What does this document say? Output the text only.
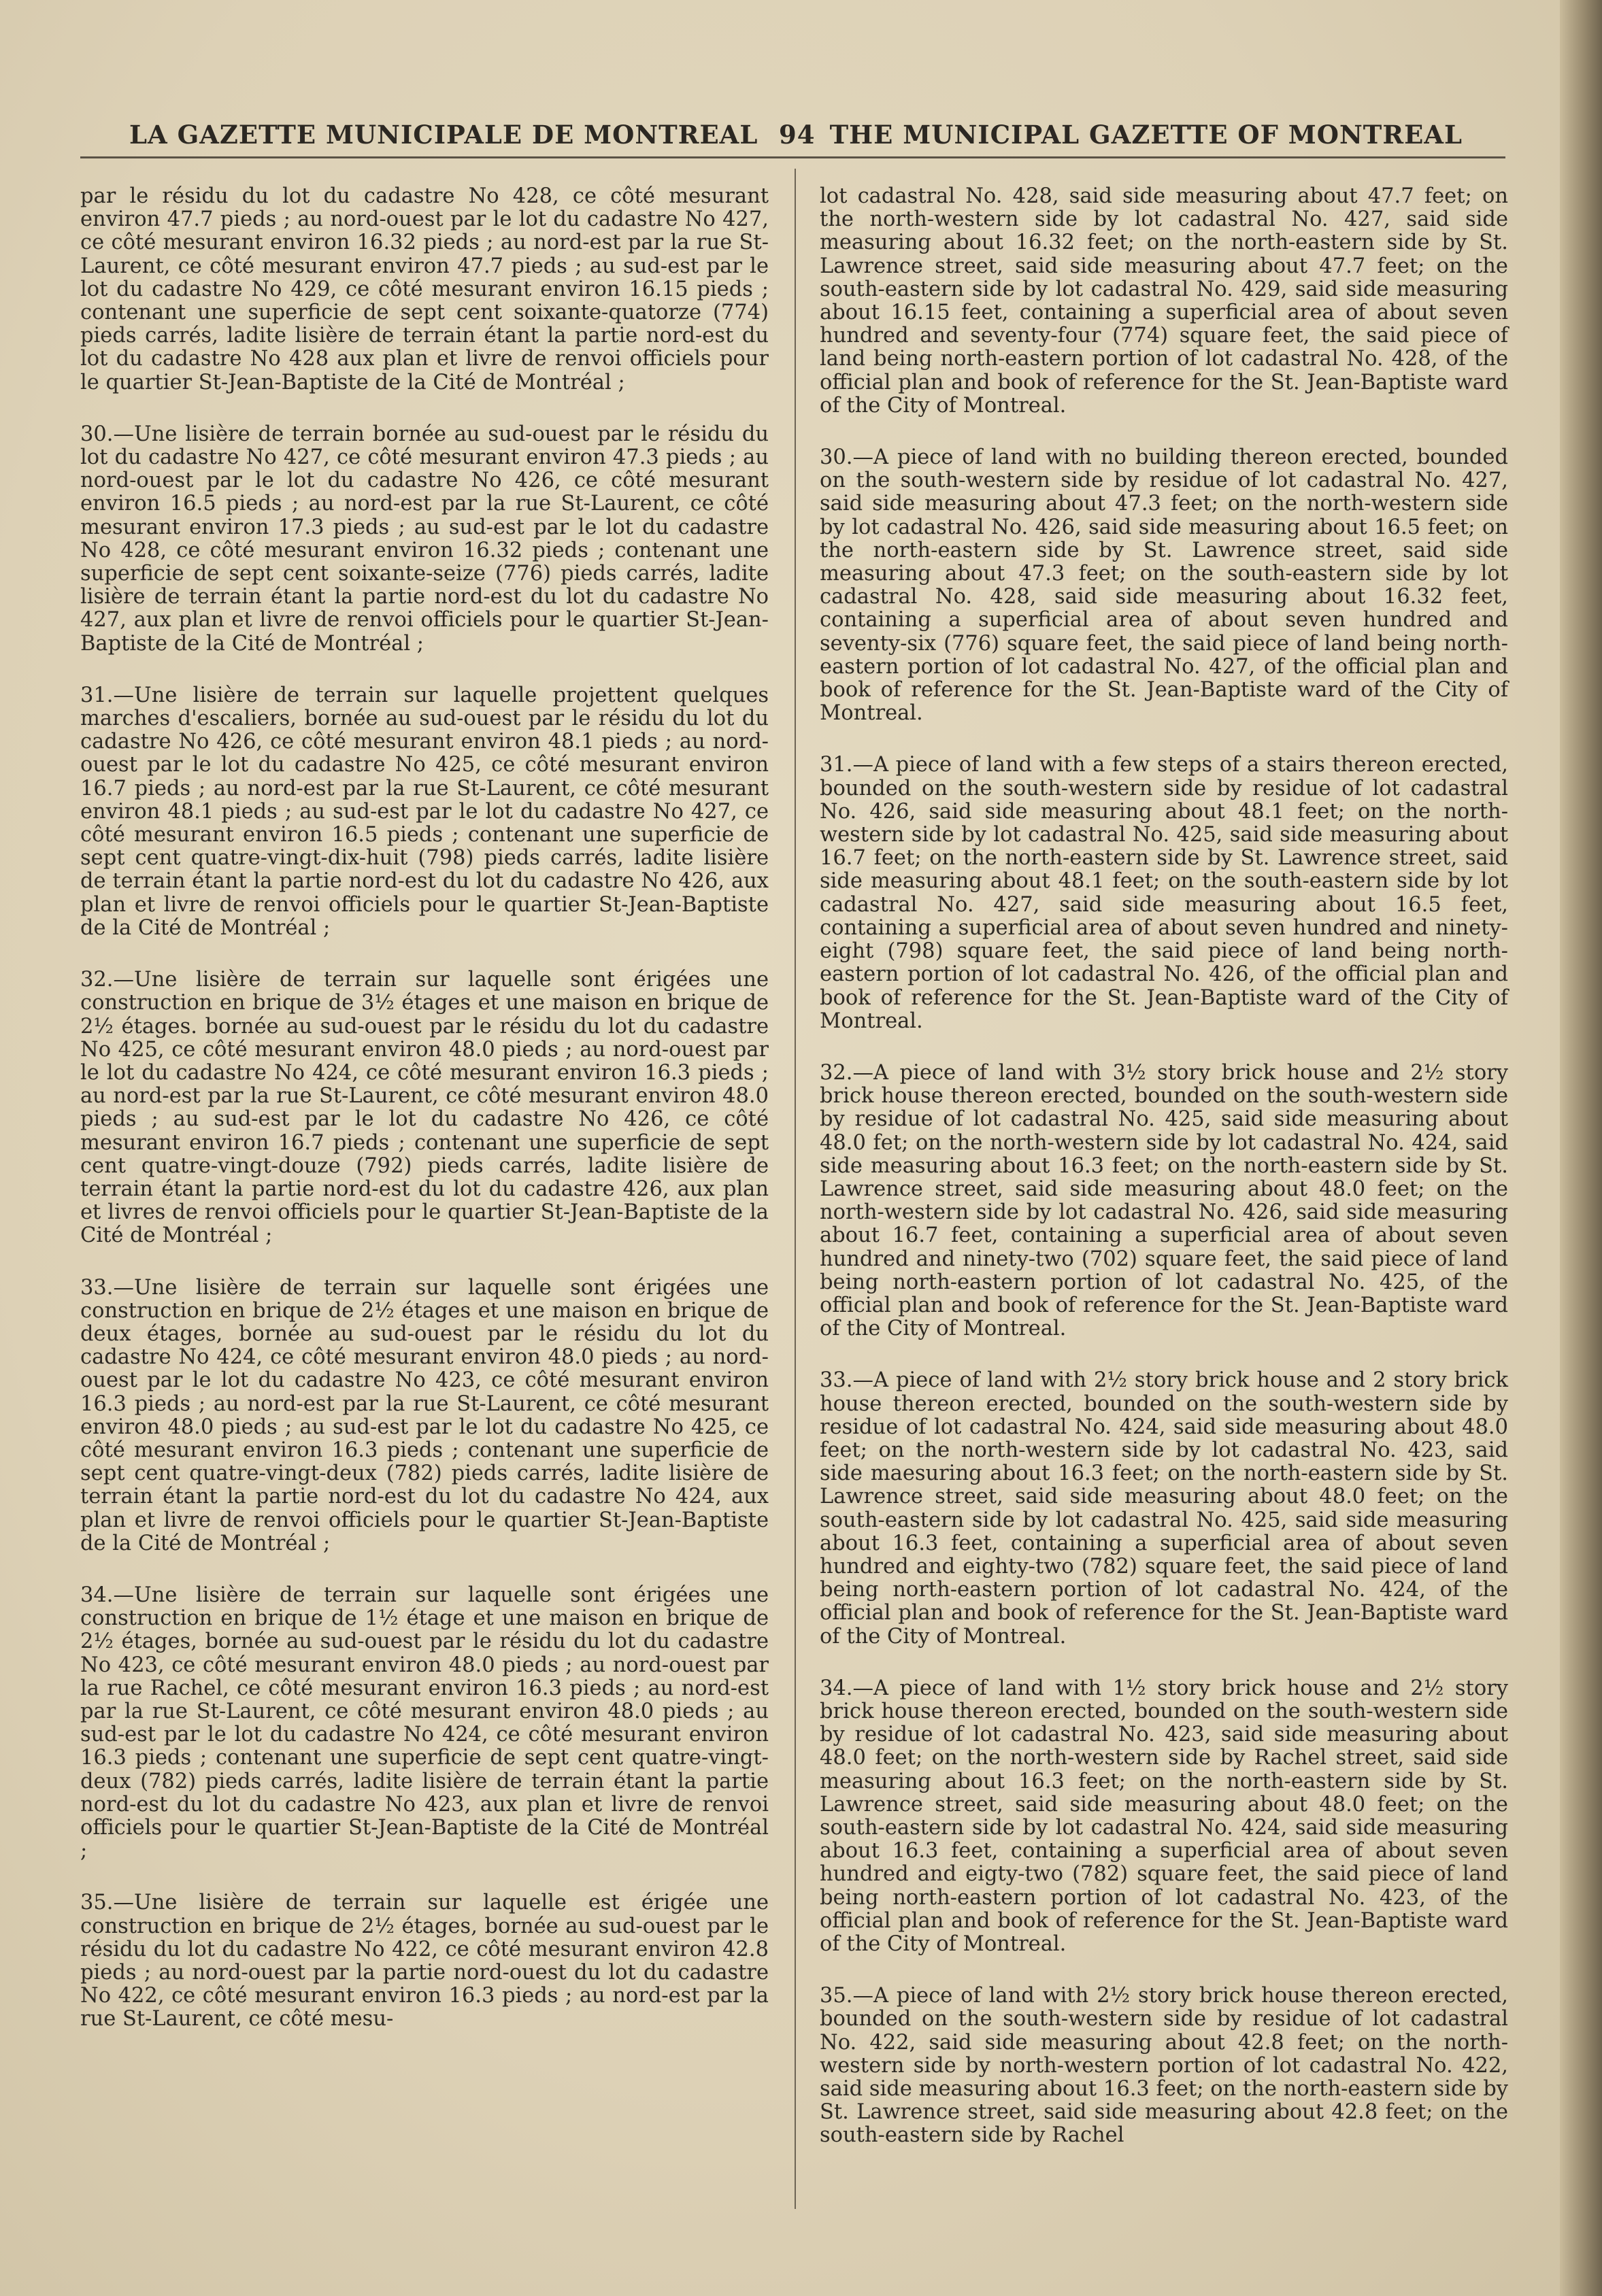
LA GAZETTE MUNICIPALE DE MONTREAL 94 THE MUNICIPAL GAZETTE OF MONTREAL

par le résidu du lot du cadastre No 428, ce côté mesurant environ 47.7 pieds ; au nord-ouest par le lot du cadastre No 427, ce côté mesurant environ 16.32 pieds ; au nord-est par la rue St-Laurent, ce côté mesurant environ 47.7 pieds ; au sud-est par le lot du cadastre No 429, ce côté mesurant environ 16.15 pieds ; contenant une superficie de sept cent soixante-quatorze (774) pieds carrés, ladite lisière de terrain étant la partie nord-est du lot du cadastre No 428 aux plan et livre de renvoi officiels pour le quartier St-Jean-Baptiste de la Cité de Montréal ;

30.—Une lisière de terrain bornée au sud-ouest par le résidu du lot du cadastre No 427, ce côté mesurant environ 47.3 pieds ; au nord-ouest par le lot du cadastre No 426, ce côté mesurant environ 16.5 pieds ; au nord-est par la rue St-Laurent, ce côté mesurant environ 17.3 pieds ; au sud-est par le lot du cadastre No 428, ce côté mesurant environ 16.32 pieds ; contenant une superficie de sept cent soixante-seize (776) pieds carrés, ladite lisière de terrain étant la partie nord-est du lot du cadastre No 427, aux plan et livre de renvoi officiels pour le quartier St-Jean- Baptiste de la Cité de Montréal ;

31.—Une lisière de terrain sur laquelle projettent quelques marches d'escaliers, bornée au sud-ouest par le résidu du lot du cadastre No 426, ce côté mesurant environ 48.1 pieds ; au nord-ouest par le lot du cadastre No 425, ce côté mesurant environ 16.7 pieds ; au nord-est par la rue St-Laurent, ce côté mesurant environ 48.1 pieds ; au sud-est par le lot du cadastre No 427, ce côté mesurant environ 16.5 pieds ; contenant une superficie de sept cent quatre-vingt-dix-huit (798) pieds carrés, ladite lisière de terrain étant la partie nord-est du lot du cadastre No 426, aux plan et livre de renvoi officiels pour le quartier St-Jean-Baptiste de la Cité de Montréal ;

32.—Une lisière de terrain sur laquelle sont érigées une construction en brique de 3½ étages et une maison en brique de 2½ étages. bornée au sud-ouest par le résidu du lot du cadastre No 425, ce côté mesurant environ 48.0 pieds ; au nord-ouest par le lot du cadastre No 424, ce côté mesurant environ 16.3 pieds ; au nord-est par la rue St-Laurent, ce côté mesurant environ 48.0 pieds ; au sud-est par le lot du cadastre No 426, ce côté mesurant environ 16.7 pieds ; contenant une superficie de sept cent quatre-vingt-douze (792) pieds carrés, ladite lisière de terrain étant la partie nord-est du lot du cadastre 426, aux plan et livres de renvoi officiels pour le quartier St-Jean-Baptiste de la Cité de Montréal ;

33.—Une lisière de terrain sur laquelle sont érigées une construction en brique de 2½ étages et une maison en brique de deux étages, bornée au sud-ouest par le résidu du lot du cadastre No 424, ce côté mesurant environ 48.0 pieds ; au nord-ouest par le lot du cadastre No 423, ce côté mesurant environ 16.3 pieds ; au nord-est par la rue St-Laurent, ce côté mesurant environ 48.0 pieds ; au sud-est par le lot du cadastre No 425, ce côté mesurant environ 16.3 pieds ; contenant une superficie de sept cent quatre-vingt-deux (782) pieds carrés, ladite lisière de terrain étant la partie nord-est du lot du cadastre No 424, aux plan et livre de renvoi officiels pour le quartier St-Jean-Baptiste de la Cité de Montréal ;

34.—Une lisière de terrain sur laquelle sont érigées une construction en brique de 1½ étage et une maison en brique de 2½ étages, bornée au sud-ouest par le résidu du lot du cadastre No 423, ce côté mesurant environ 48.0 pieds ; au nord-ouest par la rue Rachel, ce côté mesurant environ 16.3 pieds ; au nord-est par la rue St-Laurent, ce côté mesurant environ 48.0 pieds ; au sud-est par le lot du cadastre No 424, ce côté mesurant environ 16.3 pieds ; contenant une superficie de sept cent quatre-vingt-deux (782) pieds carrés, ladite lisière de terrain étant la partie nord-est du lot du cadastre No 423, aux plan et livre de renvoi officiels pour le quartier St-Jean-Baptiste de la Cité de Montréal ;

35.—Une lisière de terrain sur laquelle est érigée une construction en brique de 2½ étages, bornée au sud-ouest par le résidu du lot du cadastre No 422, ce côté mesurant environ 42.8 pieds ; au nord-ouest par la partie nord-ouest du lot du cadastre No 422, ce côté mesurant environ 16.3 pieds ; au nord-est par la rue St-Laurent, ce côté mesu-

lot cadastral No. 428, said side measuring about 47.7 feet; on the north-western side by lot cadastral No. 427, said side measuring about 16.32 feet; on the north-eastern side by St. Lawrence street, said side measuring about 47.7 feet; on the south-eastern side by lot cadastral No. 429, said side measuring about 16.15 feet, containing a superficial area of about seven hundred and seventy-four (774) square feet, the said piece of land being north-eastern portion of lot cadastral No. 428, of the official plan and book of reference for the St. Jean-Baptiste ward of the City of Montreal.

30.—A piece of land with no building thereon erected, bounded on the south-western side by residue of lot cadastral No. 427, said side measuring about 47.3 feet; on the north-western side by lot cadastral No. 426, said side measuring about 16.5 feet; on the north-eastern side by St. Lawrence street, said side measuring about 47.3 feet; on the south-eastern side by lot cadastral No. 428, said side measuring about 16.32 feet, containing a superficial area of about seven hundred and seventy-six (776) square feet, the said piece of land being north-eastern portion of lot cadastral No. 427, of the official plan and book of reference for the St. Jean-Baptiste ward of the City of Montreal.

31.—A piece of land with a few steps of a stairs thereon erected, bounded on the south-western side by residue of lot cadastral No. 426, said side measuring about 48.1 feet; on the north-western side by lot cadastral No. 425, said side measuring about 16.7 feet; on the north-eastern side by St. Lawrence street, said side measuring about 48.1 feet; on the south-eastern side by lot cadastral No. 427, said side measuring about 16.5 feet, containing a superficial area of about seven hundred and ninety-eight (798) square feet, the said piece of land being north-eastern portion of lot cadastral No. 426, of the official plan and book of reference for the St. Jean-Baptiste ward of the City of Montreal.

32.—A piece of land with 3½ story brick house and 2½ story brick house thereon erected, bounded on the south-western side by residue of lot cadastral No. 425, said side measuring about 48.0 fet; on the north-western side by lot cadastral No. 424, said side measuring about 16.3 feet; on the north-eastern side by St. Lawrence street, said side measuring about 48.0 feet; on the north-western side by lot cadastral No. 426, said side measuring about 16.7 feet, containing a superficial area of about seven hundred and ninety-two (702) square feet, the said piece of land being north-eastern portion of lot cadastral No. 425, of the official plan and book of reference for the St. Jean-Baptiste ward of the City of Montreal.

33.—A piece of land with 2½ story brick house and 2 story brick house thereon erected, bounded on the south-western side by residue of lot cadastral No. 424, said side measuring about 48.0 feet; on the north-western side by lot cadastral No. 423, said side maesuring about 16.3 feet; on the north-eastern side by St. Lawrence street, said side measuring about 48.0 feet; on the south-eastern side by lot cadastral No. 425, said side measuring about 16.3 feet, containing a superficial area of about seven hundred and eighty-two (782) square feet, the said piece of land being north-eastern portion of lot cadastral No. 424, of the official plan and book of reference for the St. Jean-Baptiste ward of the City of Montreal.

34.—A piece of land with 1½ story brick house and 2½ story brick house thereon erected, bounded on the south-western side by residue of lot cadastral No. 423, said side measuring about 48.0 feet; on the north-western side by Rachel street, said side measuring about 16.3 feet; on the north-eastern side by St. Lawrence street, said side measuring about 48.0 feet; on the south-eastern side by lot cadastral No. 424, said side measuring about 16.3 feet, containing a superficial area of about seven hundred and eigty-two (782) square feet, the said piece of land being north-eastern portion of lot cadastral No. 423, of the official plan and book of reference for the St. Jean-Baptiste ward of the City of Montreal.

35.—A piece of land with 2½ story brick house thereon erected, bounded on the south-western side by residue of lot cadastral No. 422, said side measuring about 42.8 feet; on the north-western side by north-western portion of lot cadastral No. 422, said side measuring about 16.3 feet; on the north-eastern side by St. Lawrence street, said side measuring about 42.8 feet; on the south-eastern side by Rachel
